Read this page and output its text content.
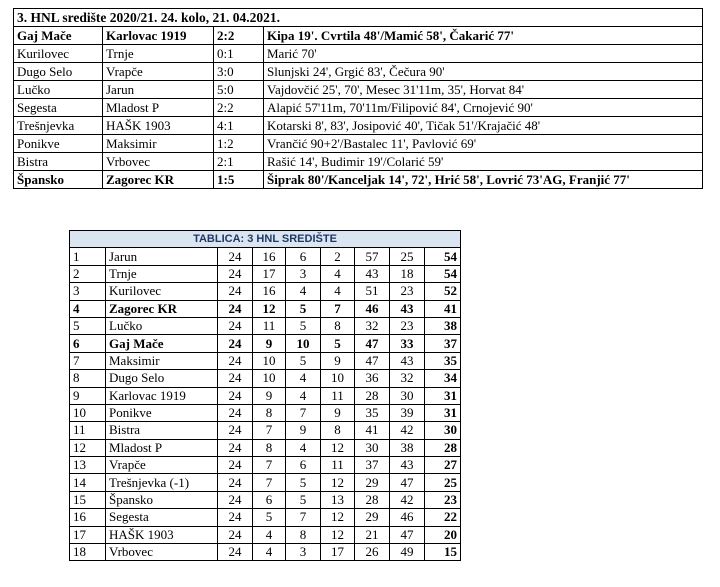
3. HNL središte 2020/21. 24. kolo, 21. 04.2021.			
Gaj Mače	Karlovac 1919	2:2	Kipa 19'. Cvrtila 48'/Mamić 58', Čakarić 77'
Kurilovec	Trnje	0:1	Marić 70'
Dugo Selo	Vrapče	3:0	Slunjski 24', Grgić 83', Čečura 90'
Lučko	Jarun	5:0	Vajdovčić 25', 70', Mesec 31'11m, 35', Horvat 84'
Segesta	Mladost P	2:2	Alapić 57'11m, 70'11m/Filipović 84', Crnojević 90'
Trešnjevka	HAŠK 1903	4:1	Kotarski 8', 83', Josipović 40', Tičak 51'/Krajačić 48'
Ponikve	Maksimir	1:2	Vrančić 90+2'/Bastalec 11', Pavlović 69'
Bistra	Vrbovec	2:1	Rašić 14', Budimir 19'/Colarić 59'
Špansko	Zagorec KR	1:5	Šiprak 80'/Kanceljak 14', 72', Hrić 58', Lovrić 73'AG, Franjić 77'
TABLICA: 3 HNL SREDIŠTE								
1	Jarun	24	16	6	2	57	25	54
2	Trnje	24	17	3	4	43	18	54
3	Kurilovec	24	16	4	4	51	23	52
4	Zagorec KR	24	12	5	7	46	43	41
5	Lučko	24	11	5	8	32	23	38
6	Gaj Mače	24	9	10	5	47	33	37
7	Maksimir	24	10	5	9	47	43	35
8	Dugo Selo	24	10	4	10	36	32	34
9	Karlovac 1919	24	9	4	11	28	30	31
10	Ponikve	24	8	7	9	35	39	31
11	Bistra	24	7	9	8	41	42	30
12	Mladost P	24	8	4	12	30	38	28
13	Vrapče	24	7	6	11	37	43	27
14	Trešnjevka (-1)	24	7	5	12	29	47	25
15	Špansko	24	6	5	13	28	42	23
16	Segesta	24	5	7	12	29	46	22
17	HAŠK 1903	24	4	8	12	21	47	20
18	Vrbovec	24	4	3	17	26	49	15
